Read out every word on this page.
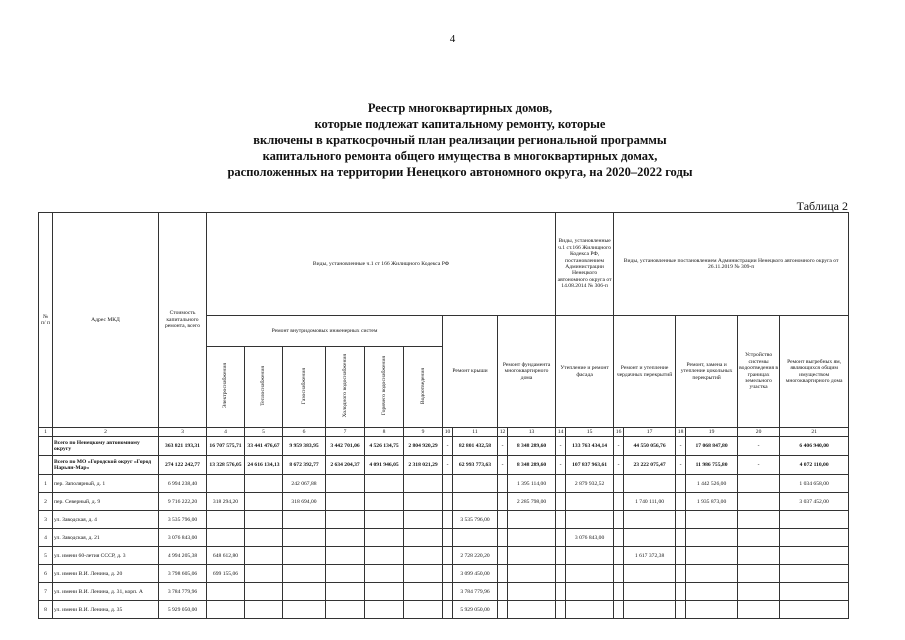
4
Реестр многоквартирных домов,
которые подлежат капитальному ремонту, которые
включены в краткосрочный план реализации региональной программы
капитального ремонта общего имущества в многоквартирных домах,
расположенных на территории Ненецкого автономного округа, на 2020–2022 годы
Таблица 2
№ п/ п	Адрес МКД	Стоимость капитального ремонта, всего	Виды, установленные ч.1 ст 166 Жилищного Кодекса РФ										Виды, установленные ч.1 ст.166 Жилищного Кодекса РФ, постановлением Администрации Ненецкого автономного округа от 14.08.2014 № 306-п		Виды, установленные постановлением Администрации Ненецкого автономного округа от 26.11.2019 № 309-п					
			Ремонт внутридомовых инженерных систем						Ремонт крыши		Ремонт фундамента многоквартирного дома		Утепление и ремонт фасада		Ремонт и утепление чердачных перекрытий		Ремонт, замена и утепление цокольных перекрытий		Устройство системы водоотведения в границах земельного участка	Ремонт выгребных ям, являющихся общим имуществом многоквартирного дома
			Электроснабжения	Теплоснабжения	Газоснабжения	Холодного водоснабжения	Горячего водоснабжения	Водоотведения												
1	2	3	4	5	6	7	8	9	10	11	12	13	14	15	16	17	18	19	20	21
	Всего по Ненецкому автономному округу	363 821 193,31	16 707 575,71	33 441 476,67	9 959 383,95	3 442 701,06	4 526 134,75	2 804 920,29	-	82 801 432,58	-	8 348 289,60	-	133 763 434,14	-	44 550 056,76	-	17 068 847,80	-	6 406 940,00
	Всего по МО «Городской округ «Город Нарьян-Мар»	274 122 242,77	13 328 576,05	24 616 134,13	8 672 392,77	2 634 204,37	4 091 946,05	2 318 021,29	-	62 993 773,63	-	8 348 289,60	-	107 837 963,61	-	23 222 075,47	-	11 986 755,80	-	4 072 110,00
1	пер. Заполярный, д. 1	6 994 238,40			242 067,88							1 395 114,00		2 879 932,52				1 442 526,00		1 034 658,00
2	пер. Северный, д. 9	9 716 222,20	318 294,20		318 694,00							2 285 798,00				1 740 111,00		1 935 873,00		3 037 452,00
3	ул. Заводская, д. 4	3 535 796,00								3 535 796,00										
4	ул. Заводская, д. 21	3 076 843,00												3 076 843,00						
5	ул. имени 60-летия СССР, д. 3	4 994 205,38	648 612,80							2 728 220,20						1 617 372,38				
6	ул. имени В.И. Ленина, д. 20	3 798 605,06	699 155,06							3 099 450,00										
7	ул. имени В.И. Ленина, д. 31, корп. А	3 784 779,96								3 784 779,96										
8	ул. имени В.И. Ленина, д. 35	5 929 050,00								5 929 050,00										
